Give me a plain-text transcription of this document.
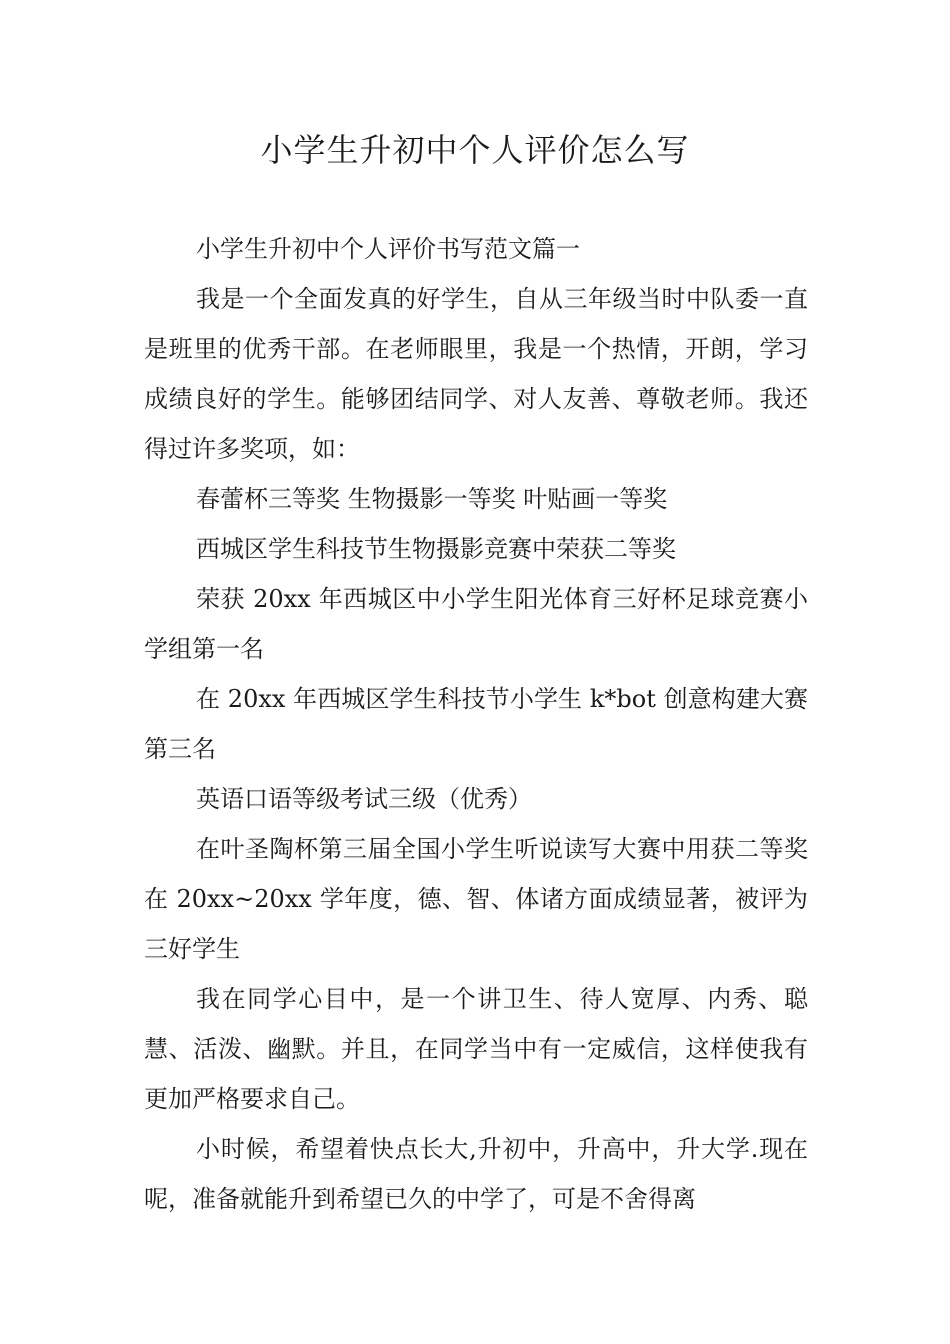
小学生升初中个人评价怎么写

小学生升初中个人评价书写范文篇一

我是一个全面发真的好学生，自从三年级当时中队委一直是班里的优秀干部。在老师眼里，我是一个热情，开朗，学习成绩良好的学生。能够团结同学、对人友善、尊敬老师。我还得过许多奖项，如：

春蕾杯三等奖 生物摄影一等奖 叶贴画一等奖

西城区学生科技节生物摄影竞赛中荣获二等奖

荣获 20xx 年西城区中小学生阳光体育三好杯足球竞赛小学组第一名

在 20xx 年西城区学生科技节小学生 k*bot 创意构建大赛第三名

英语口语等级考试三级（优秀）

在叶圣陶杯第三届全国小学生听说读写大赛中用获二等奖 在 20xx~20xx 学年度，德、智、体诸方面成绩显著，被评为三好学生

我在同学心目中，是一个讲卫生、待人宽厚、内秀、聪慧、活泼、幽默。并且，在同学当中有一定威信，这样使我有更加严格要求自己。

小时候，希望着快点长大,升初中，升高中，升大学.现在呢，准备就能升到希望已久的中学了，可是不舍得离
